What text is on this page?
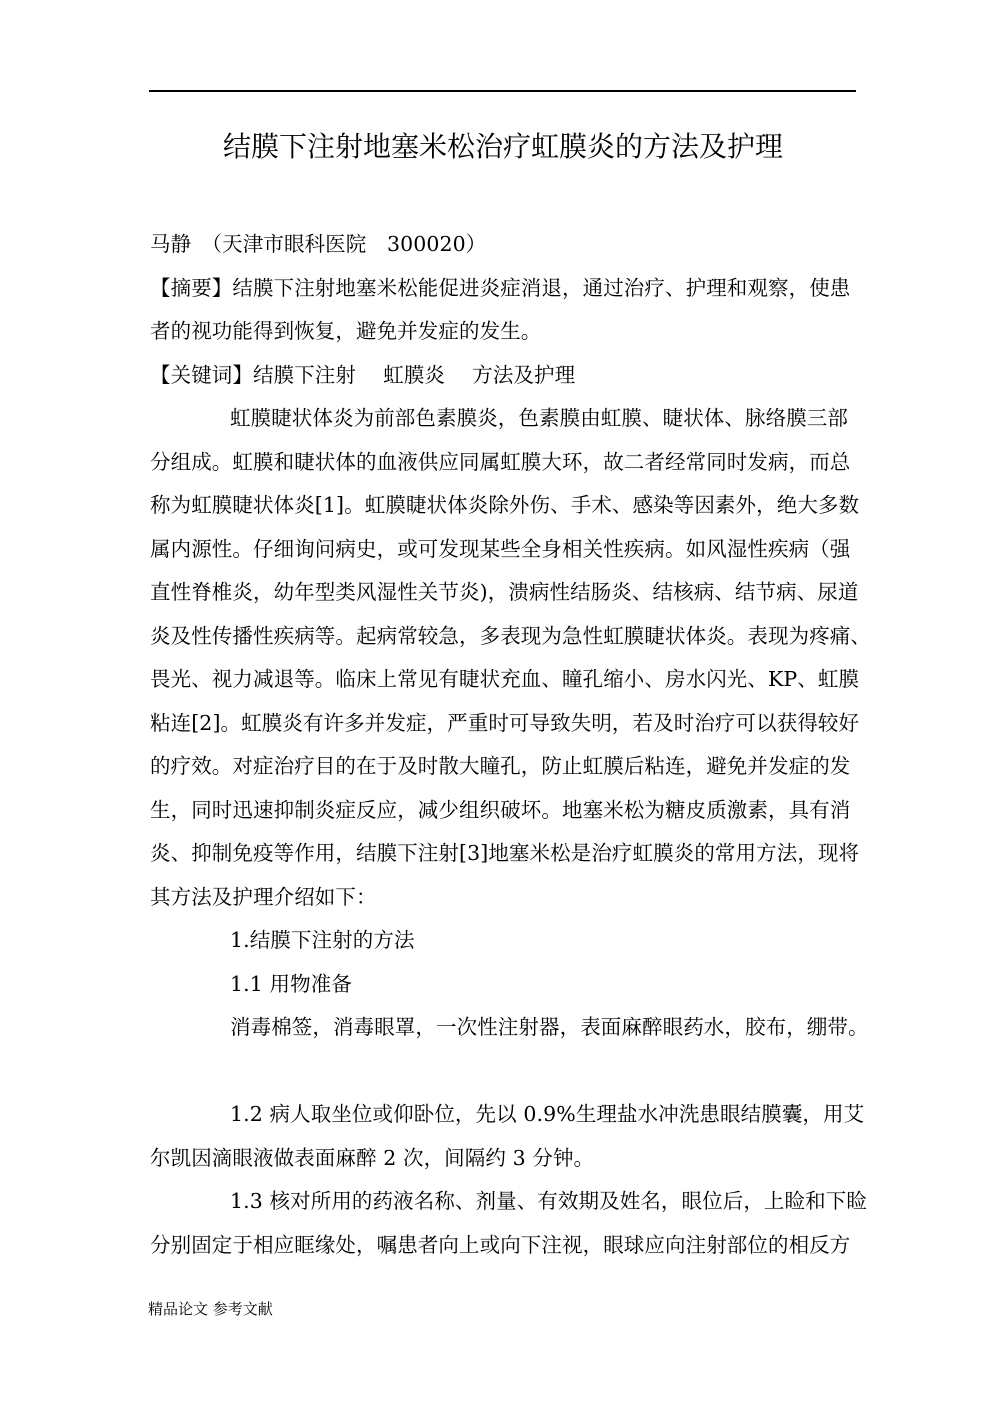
结膜下注射地塞米松治疗虹膜炎的方法及护理
马静　（天津市眼科医院　300020）
【摘要】结膜下注射地塞米松能促进炎症消退，通过治疗、护理和观察，使患
者的视功能得到恢复，避免并发症的发生。
【关键词】结膜下注射　 虹膜炎　 方法及护理
虹膜睫状体炎为前部色素膜炎，色素膜由虹膜、睫状体、脉络膜三部
分组成。虹膜和睫状体的血液供应同属虹膜大环，故二者经常同时发病，而总
称为虹膜睫状体炎[1]。虹膜睫状体炎除外伤、手术、感染等因素外，绝大多数
属内源性。仔细询问病史，或可发现某些全身相关性疾病。如风湿性疾病（强
直性脊椎炎，幼年型类风湿性关节炎)，溃病性结肠炎、结核病、结节病、尿道
炎及性传播性疾病等。起病常较急，多表现为急性虹膜睫状体炎。表现为疼痛、
畏光、视力减退等。临床上常见有睫状充血、瞳孔缩小、房水闪光、KP、虹膜
粘连[2]。虹膜炎有许多并发症，严重时可导致失明，若及时治疗可以获得较好
的疗效。对症治疗目的在于及时散大瞳孔，防止虹膜后粘连，避免并发症的发
生，同时迅速抑制炎症反应，减少组织破坏。地塞米松为糖皮质激素，具有消
炎、抑制免疫等作用，结膜下注射[3]地塞米松是治疗虹膜炎的常用方法，现将
其方法及护理介绍如下：
1.结膜下注射的方法
1.1 用物准备
消毒棉签，消毒眼罩，一次性注射器，表面麻醉眼药水，胶布，绷带。
1.2 病人取坐位或仰卧位，先以 0.9%生理盐水冲洗患眼结膜囊，用艾
尔凯因滴眼液做表面麻醉 2 次，间隔约 3 分钟。
1.3 核对所用的药液名称、剂量、有效期及姓名，眼位后，上睑和下睑
分别固定于相应眶缘处，嘱患者向上或向下注视，眼球应向注射部位的相反方
精品论文 参考文献
